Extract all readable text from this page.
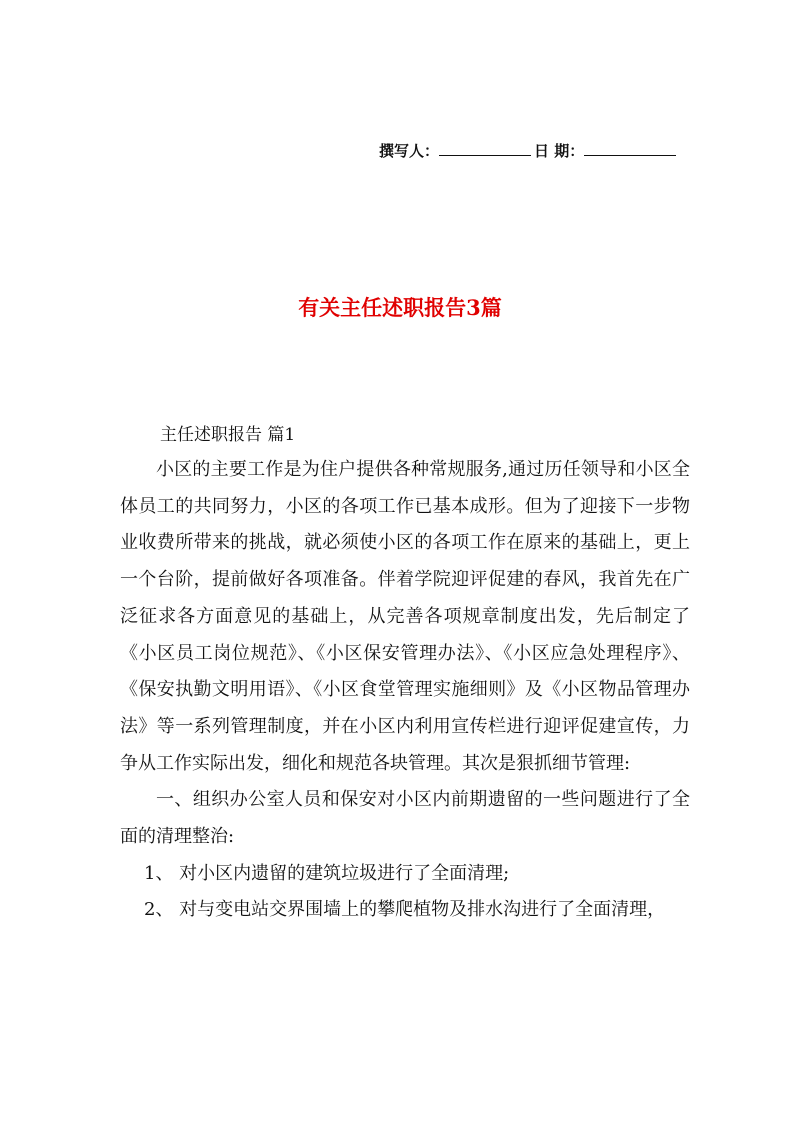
撰写人：	日 期：
有关主任述职报告3篇
主任述职报告 篇1

小区的主要工作是为住户提供各种常规服务,通过历任领导和小区全体员工的共同努力，小区的各项工作已基本成形。但为了迎接下一步物业收费所带来的挑战，就必须使小区的各项工作在原来的基础上，更上一个台阶，提前做好各项准备。伴着学院迎评促建的春风，我首先在广泛征求各方面意见的基础上，从完善各项规章制度出发，先后制定了《小区员工岗位规范》、《小区保安管理办法》、《小区应急处理程序》、《保安执勤文明用语》、《小区食堂管理实施细则》及《小区物品管理办法》等一系列管理制度，并在小区内利用宣传栏进行迎评促建宣传，力争从工作实际出发，细化和规范各块管理。其次是狠抓细节管理:

一、组织办公室人员和保安对小区内前期遗留的一些问题进行了全面的清理整治:

1、 对小区内遗留的建筑垃圾进行了全面清理;

2、 对与变电站交界围墙上的攀爬植物及排水沟进行了全面清理，
